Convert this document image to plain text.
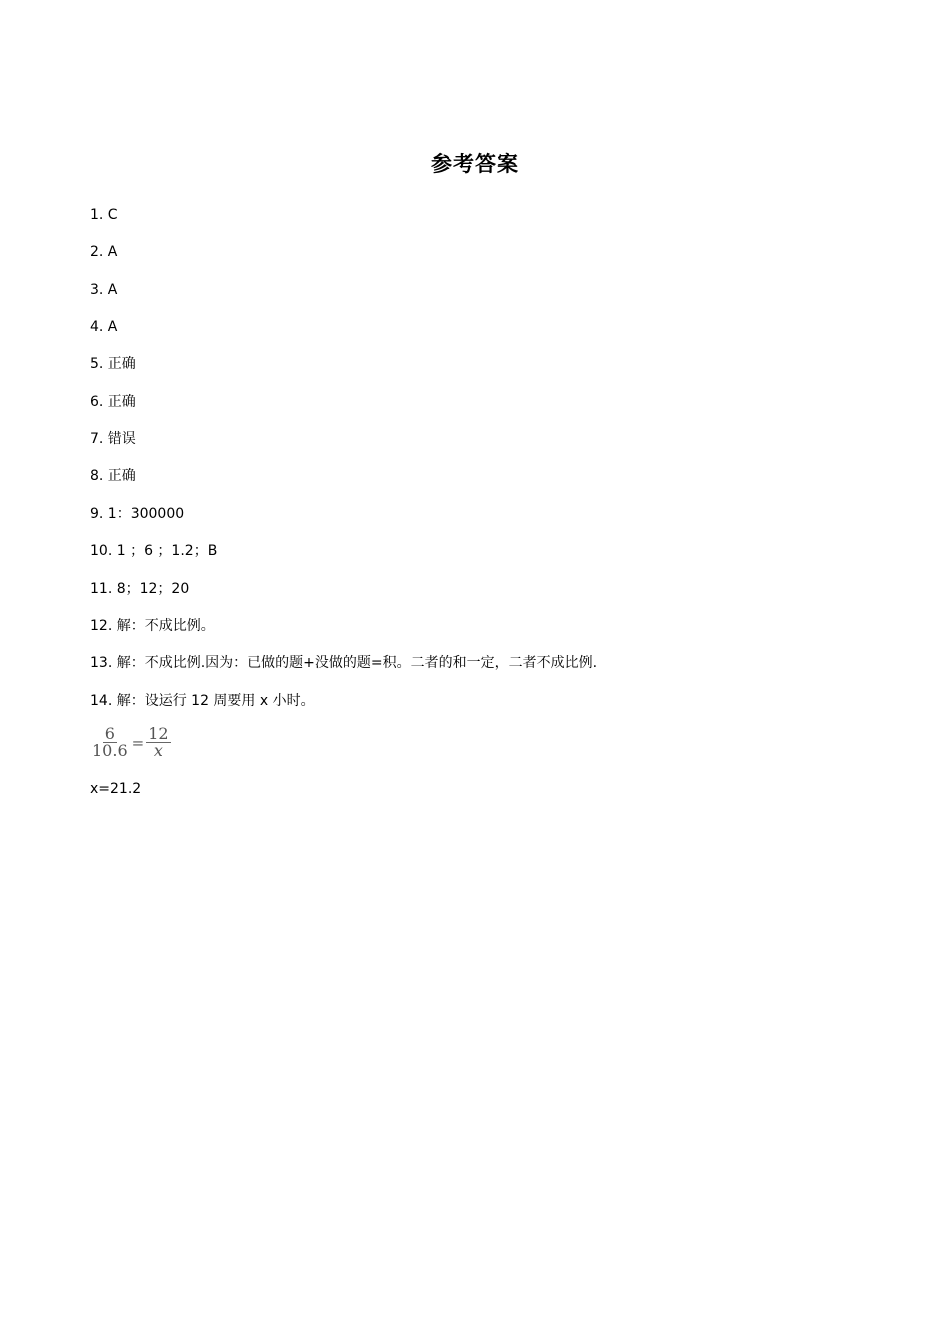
参考答案
1. C
2. A
3. A
4. A
5. 正确
6. 正确
7. 错误
8. 正确
9. 1：300000
10. 1 ；6 ；1.2；B
11. 8；12；20
12. 解：不成比例。
13. 解：不成比例.因为：已做的题+没做的题=积。二者的和一定，二者不成比例.
14. 解：设运行 12 周要用 x 小时。
$\frac{6}{10.6} = \frac{12}{x}$
x=21.2
